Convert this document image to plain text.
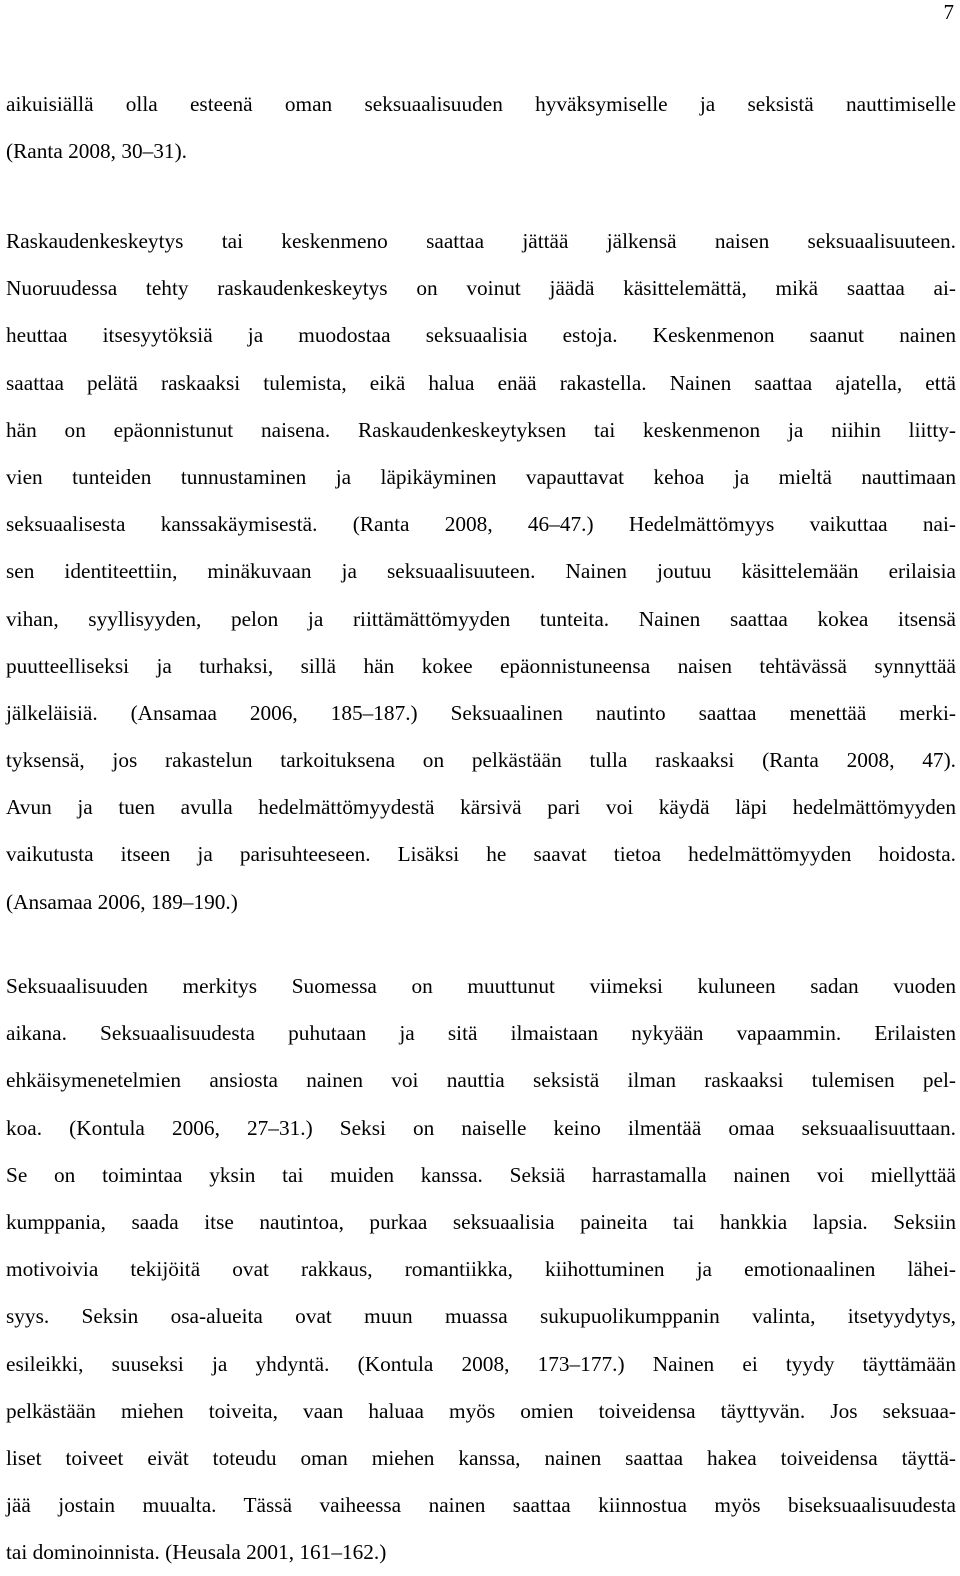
7
aikuisiällä olla esteenä oman seksuaalisuuden hyväksymiselle ja seksistä nauttimiselle
(Ranta 2008, 30–31).
Raskaudenkeskeytys tai keskenmeno saattaa jättää jälkensä naisen seksuaalisuuteen.
Nuoruudessa tehty raskaudenkeskeytys on voinut jäädä käsittelemättä, mikä saattaa ai-
heuttaa itsesyytöksiä ja muodostaa seksuaalisia estoja. Keskenmenon saanut nainen
saattaa pelätä raskaaksi tulemista, eikä halua enää rakastella. Nainen saattaa ajatella, että
hän on epäonnistunut naisena. Raskaudenkeskeytyksen tai keskenmenon ja niihin liitty-
vien tunteiden tunnustaminen ja läpikäyminen vapauttavat kehoa ja mieltä nauttimaan
seksuaalisesta kanssakäymisestä. (Ranta 2008, 46–47.) Hedelmättömyys vaikuttaa nai-
sen identiteettiin, minäkuvaan ja seksuaalisuuteen. Nainen joutuu käsittelemään erilaisia
vihan, syyllisyyden, pelon ja riittämättömyyden tunteita. Nainen saattaa kokea itsensä
puutteelliseksi ja turhaksi, sillä hän kokee epäonnistuneensa naisen tehtävässä synnyttää
jälkeläisiä. (Ansamaa 2006, 185–187.) Seksuaalinen nautinto saattaa menettää merki-
tyksensä, jos rakastelun tarkoituksena on pelkästään tulla raskaaksi (Ranta 2008, 47).
Avun ja tuen avulla hedelmättömyydestä kärsivä pari voi käydä läpi hedelmättömyyden
vaikutusta itseen ja parisuhteeseen. Lisäksi he saavat tietoa hedelmättömyyden hoidosta.
(Ansamaa 2006, 189–190.)
Seksuaalisuuden merkitys Suomessa on muuttunut viimeksi kuluneen sadan vuoden
aikana. Seksuaalisuudesta puhutaan ja sitä ilmaistaan nykyään vapaammin. Erilaisten
ehkäisymenetelmien ansiosta nainen voi nauttia seksistä ilman raskaaksi tulemisen pel-
koa. (Kontula 2006, 27–31.) Seksi on naiselle keino ilmentää omaa seksuaalisuuttaan.
Se on toimintaa yksin tai muiden kanssa. Seksiä harrastamalla nainen voi miellyttää
kumppania, saada itse nautintoa, purkaa seksuaalisia paineita tai hankkia lapsia. Seksiin
motivoivia tekijöitä ovat rakkaus, romantiikka, kiihottuminen ja emotionaalinen lähei-
syys. Seksin osa-alueita ovat muun muassa sukupuolikumppanin valinta, itsetyydytys,
esileikki, suuseksi ja yhdyntä. (Kontula 2008, 173–177.) Nainen ei tyydy täyttämään
pelkästään miehen toiveita, vaan haluaa myös omien toiveidensa täyttyvän. Jos seksuaa-
liset toiveet eivät toteudu oman miehen kanssa, nainen saattaa hakea toiveidensa täyttä-
jää jostain muualta. Tässä vaiheessa nainen saattaa kiinnostua myös biseksuaalisuudesta
tai dominoinnista. (Heusala 2001, 161–162.)
